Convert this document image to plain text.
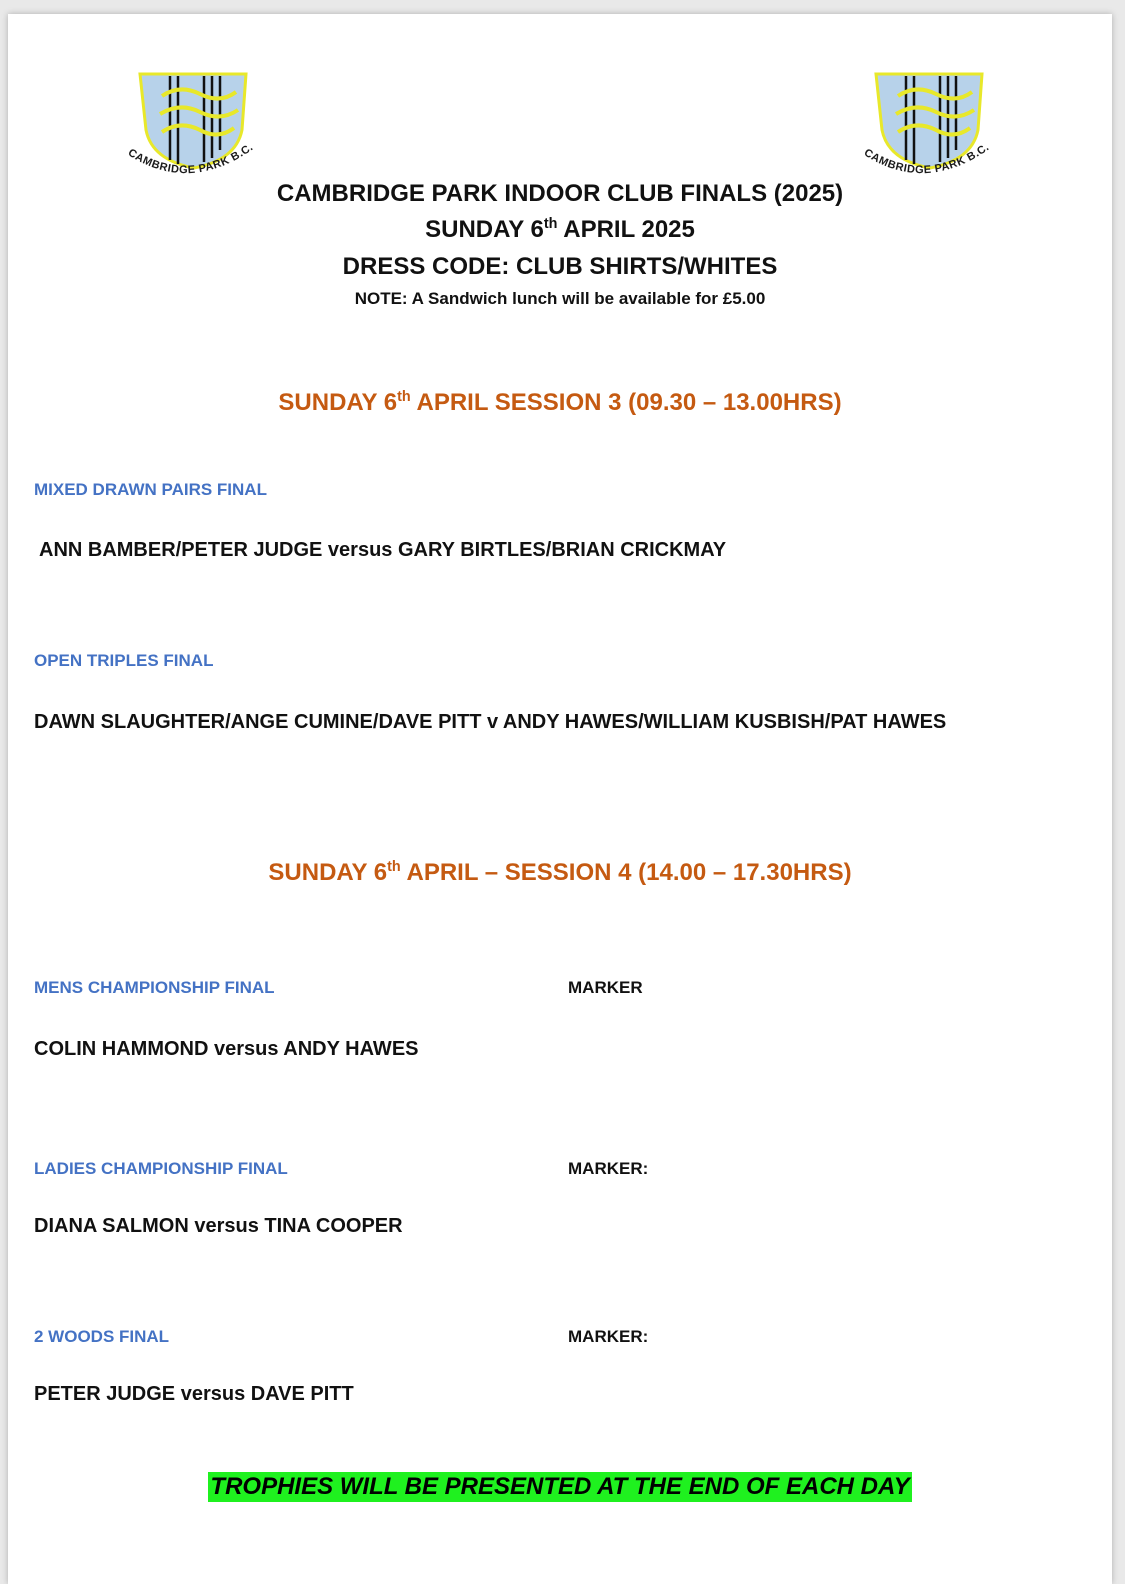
CAMBRIDGE PARK B.C.	CAMBRIDGE PARK B.C.
CAMBRIDGE PARK INDOOR CLUB FINALS (2025)
SUNDAY 6th APRIL 2025
DRESS CODE: CLUB SHIRTS/WHITES
NOTE: A Sandwich lunch will be available for £5.00
SUNDAY 6th APRIL SESSION 3 (09.30 – 13.00HRS)
MIXED DRAWN PAIRS FINAL
ANN BAMBER/PETER JUDGE versus GARY BIRTLES/BRIAN CRICKMAY
OPEN TRIPLES FINAL
DAWN SLAUGHTER/ANGE CUMINE/DAVE PITT v ANDY HAWES/WILLIAM KUSBISH/PAT HAWES
SUNDAY 6th APRIL – SESSION 4 (14.00 – 17.30HRS)
MENS CHAMPIONSHIP FINAL	MARKER
COLIN HAMMOND versus ANDY HAWES
LADIES CHAMPIONSHIP FINAL	MARKER:
DIANA SALMON versus TINA COOPER
2 WOODS FINAL	MARKER:
PETER JUDGE versus DAVE PITT
TROPHIES WILL BE PRESENTED AT THE END OF EACH DAY
